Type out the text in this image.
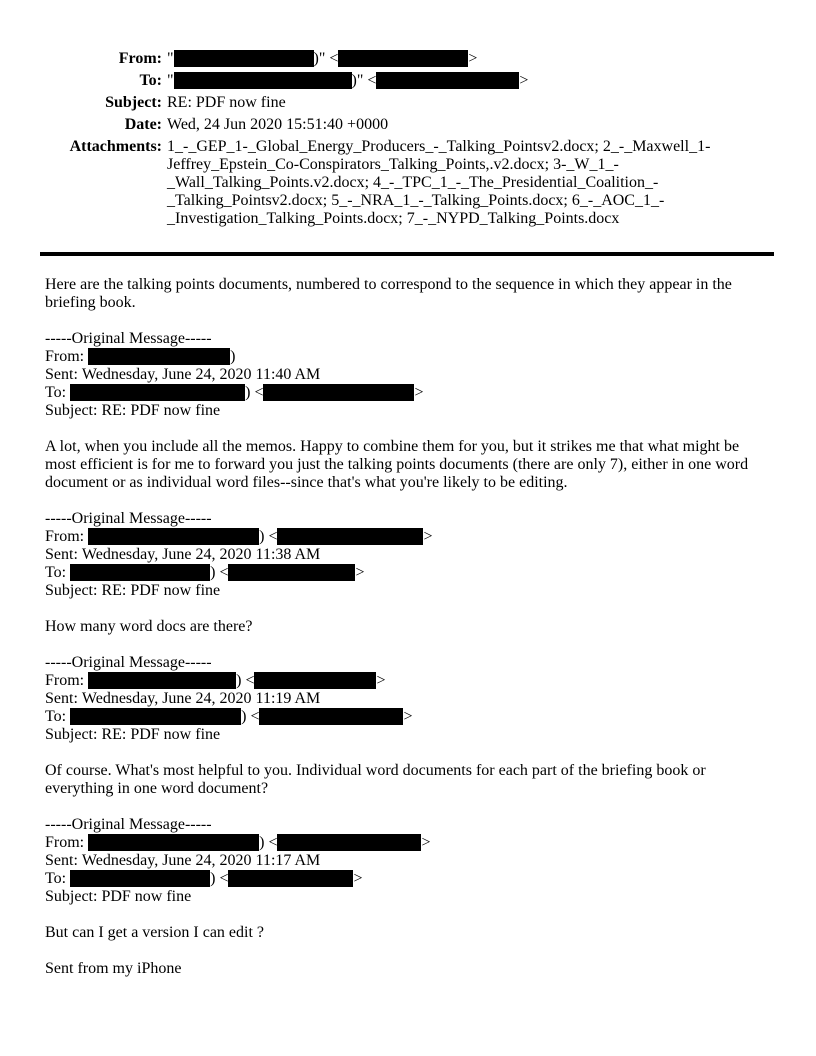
From:	"	)" <	>
To:	"	)" <	>
Subject:	RE: PDF now fine
Date:	Wed, 24 Jun 2020 15:51:40 +0000
Attachments:	1_-_GEP_1-_Global_Energy_Producers_-_Talking_Pointsv2.docx; 2_-_Maxwell_1-Jeffrey_Epstein_Co-Conspirators_Talking_Points,.v2.docx; 3-_W_1_-_Wall_Talking_Points.v2.docx; 4_-_TPC_1_-_The_Presidential_Coalition_-_Talking_Pointsv2.docx; 5_-_NRA_1_-_Talking_Points.docx; 6_-_AOC_1_-_Investigation_Talking_Points.docx; 7_-_NYPD_Talking_Points.docx

Here are the talking points documents, numbered to correspond to the sequence in which they appear in the briefing book.

-----Original Message-----
From:	)
Sent: Wednesday, June 24, 2020 11:40 AM
To:	) <	>
Subject: RE: PDF now fine

A lot, when you include all the memos. Happy to combine them for you, but it strikes me that what might be most efficient is for me to forward you just the talking points documents (there are only 7), either in one word document or as individual word files--since that's what you're likely to be editing.

-----Original Message-----
From:	) <	>
Sent: Wednesday, June 24, 2020 11:38 AM
To:	) <	>
Subject: RE: PDF now fine

How many word docs are there?

-----Original Message-----
From:	) <	>
Sent: Wednesday, June 24, 2020 11:19 AM
To:	) <	>
Subject: RE: PDF now fine

Of course. What's most helpful to you. Individual word documents for each part of the briefing book or everything in one word document?

-----Original Message-----
From:	) <	>
Sent: Wednesday, June 24, 2020 11:17 AM
To:	) <	>
Subject: PDF now fine

But can I get a version I can edit ?

Sent from my iPhone
